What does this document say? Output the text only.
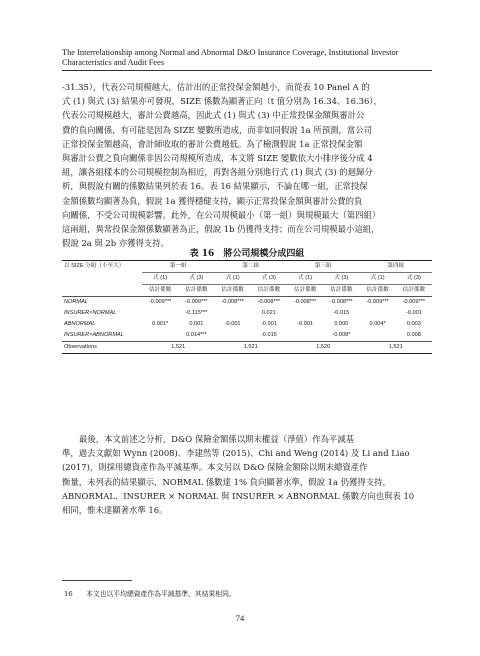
The Interrelationship among Normal and Abnormal D&O Insurance Coverage, Institutional Investor
Characteristics and Audit Fees
-31.35），代表公司規模越大，估計出的正常投保金額越小，而從表 10 Panel A 的
式 (1) 與式 (3) 結果亦可發現，SIZE 係數為顯著正向（t 值分別為 16.34、16.36），
代表公司規模越大，審計公費越高，因此式 (1) 與式 (3) 中正常投保金額與審計公
費的負向關係，有可能是因為 SIZE 變數所造成，而非如同假說 1a 所預測，當公司
正常投保金額越高，會計師收取的審計公費越低。為了檢測假說 1a 正常投保金額
與審計公費之負向關係非因公司規模所造成，本文將 SIZE 變數依大小排序後分成 4
組，讓各組樣本的公司規模控制為相近，再對各組分別進行式 (1) 與式 (3) 的迴歸分
析，與假說有關的係數結果列於表 16。表 16 結果顯示，不論在哪一組，正常投保
金額係數均顯著為負，假說 1a 獲得穩健支持，顯示正常投保金額與審計公費的負
向關係，不受公司規模影響。此外，在公司規模最小（第一組）與規模最大（第四組）
這兩組，異常投保金額係數顯著為正，假說 1b 仍獲得支持；而在公司規模最小這組，
假說 2a 與 2b 亦獲得支持。
表 16　將公司規模分成四組
以 SIZE 分組（小至大）	第一組		第二組		第三組		第四組	
	式 (1)	式 (3)	式 (1)	式 (3)	式 (1)	式 (3)	式 (1)	式 (3)
	估計係數	估計係數	估計係數	估計係數	估計係數	估計係數	估計係數	估計係數
NORMAL	-0.009***	-0.009***	-0.008***	-0.008***	-0.008***	-0.008***	-0.009***	-0.009***
INSURER×NORMAL		-0.115***		0.021		-0.015		-0.001
ABNORMAL	0.001*	0.001	-0.001	-0.001	-0.001	0.000	0.004*	0.003
INSURER×ABNORMAL		0.014***		-0.015		-0.008*		0.008
Observations	1,521		1,521		1,520		1,521	
最後，本文前述之分析，D&O 保險金額係以期末權益（淨值）作為平減基
準，過去文獻如 Wynn (2008)、李建然等 (2015)、Chi and Weng (2014) 及 Li and Liao
(2017)，則採用總資產作為平減基準。本文另以 D&O 保險金額除以期末總資產作
衡量，未列表的結果顯示，NORMAL 係數達 1% 負向顯著水準，假說 1a 仍獲得支持，
ABNORMAL、INSURER × NORMAL 與 INSURER × ABNORMAL 係數方向也與表 10
相同，惟未達顯著水準 16。
16 本文也以平均總資產作為平減基準，其結果相同。
74
